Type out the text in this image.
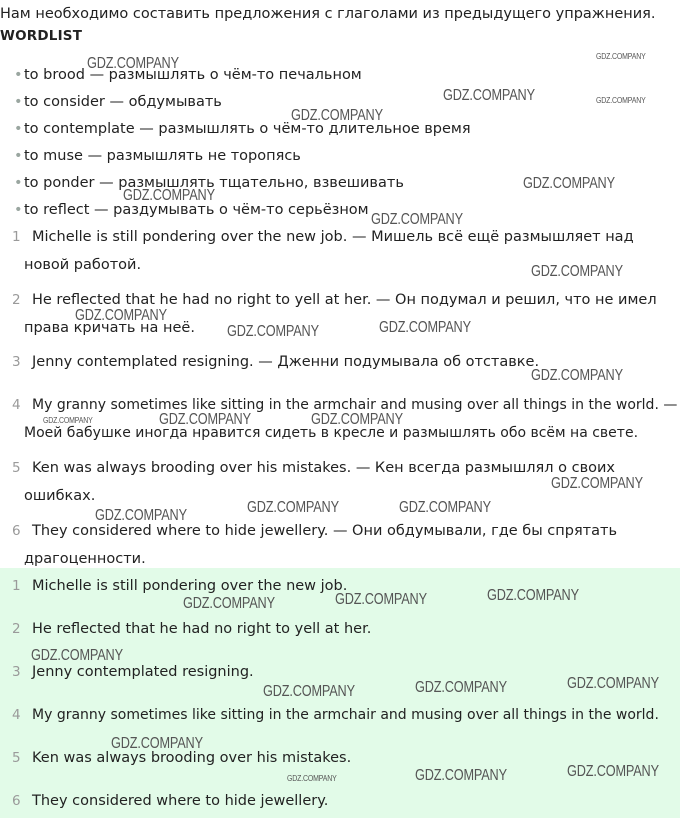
Нам необходимо составить предложения с глаголами из предыдущего упражнения.
WORDLIST
•to brood — размышлять о чём-то печальном
•to consider — обдумывать
•to contemplate — размышлять о чём-то длительное время
•to muse — размышлять не торопясь
•to ponder — размышлять тщательно, взвешивать
•to reflect — раздумывать о чём-то серьёзном
1 Michelle is still pondering over the new job. — Мишель всё ещё размышляет над новой работой.
2 He reflected that he had no right to yell at her. — Он подумал и решил, что не имел права кричать на неё.
3 Jenny contemplated resigning. — Дженни подумывала об отставке.
4 My granny sometimes like sitting in the armchair and musing over all things in the world. — Моей бабушке иногда нравится сидеть в кресле и размышлять обо всём на свете.
5 Ken was always brooding over his mistakes. — Кен всегда размышлял о своих ошибках.
6 They considered where to hide jewellery. — Они обдумывали, где бы спрятать драгоценности.
1 Michelle is still pondering over the new job.
2 He reflected that he had no right to yell at her.
3 Jenny contemplated resigning.
4 My granny sometimes like sitting in the armchair and musing over all things in the world.
5 Ken was always brooding over his mistakes.
6 They considered where to hide jewellery.
GDZ.COMPANY	GDZ.COMPANY
GDZ.COMPANY	GDZ.COMPANY
GDZ.COMPANY
GDZ.COMPANY
GDZ.COMPANY
GDZ.COMPANY
GDZ.COMPANY
GDZ.COMPANY
GDZ.COMPANY	GDZ.COMPANY
GDZ.COMPANY
GDZ.COMPANY	GDZ.COMPANY	GDZ.COMPANY
GDZ.COMPANY
GDZ.COMPANY	GDZ.COMPANY
GDZ.COMPANY
GDZ.COMPANY
GDZ.COMPANY
GDZ.COMPANY
GDZ.COMPANY
GDZ.COMPANY
GDZ.COMPANY
GDZ.COMPANY
GDZ.COMPANY
GDZ.COMPANY
GDZ.COMPANY
GDZ.COMPANY
